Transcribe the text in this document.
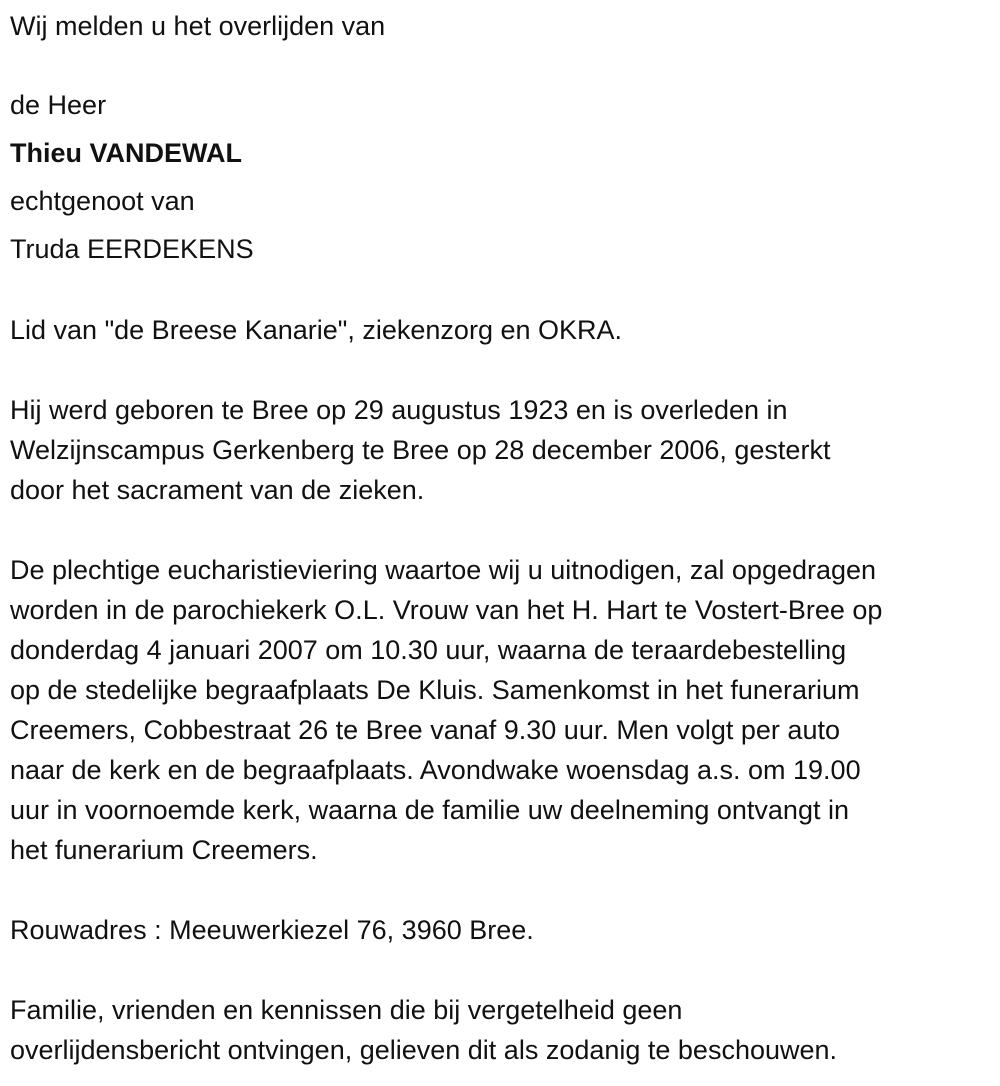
Wij melden u het overlijden van
de Heer
Thieu VANDEWAL
echtgenoot van
Truda EERDEKENS
Lid van "de Breese Kanarie", ziekenzorg en OKRA.
Hij werd geboren te Bree op 29 augustus 1923 en is overleden in
Welzijnscampus Gerkenberg te Bree op 28 december 2006, gesterkt
door het sacrament van de zieken.
De plechtige eucharistieviering waartoe wij u uitnodigen, zal opgedragen
worden in de parochiekerk O.L. Vrouw van het H. Hart te Vostert-Bree op
donderdag 4 januari 2007 om 10.30 uur, waarna de teraardebestelling
op de stedelijke begraafplaats De Kluis. Samenkomst in het funerarium
Creemers, Cobbestraat 26 te Bree vanaf 9.30 uur. Men volgt per auto
naar de kerk en de begraafplaats. Avondwake woensdag a.s. om 19.00
uur in voornoemde kerk, waarna de familie uw deelneming ontvangt in
het funerarium Creemers.
Rouwadres : Meeuwerkiezel 76, 3960 Bree.
Familie, vrienden en kennissen die bij vergetelheid geen
overlijdensbericht ontvingen, gelieven dit als zodanig te beschouwen.
